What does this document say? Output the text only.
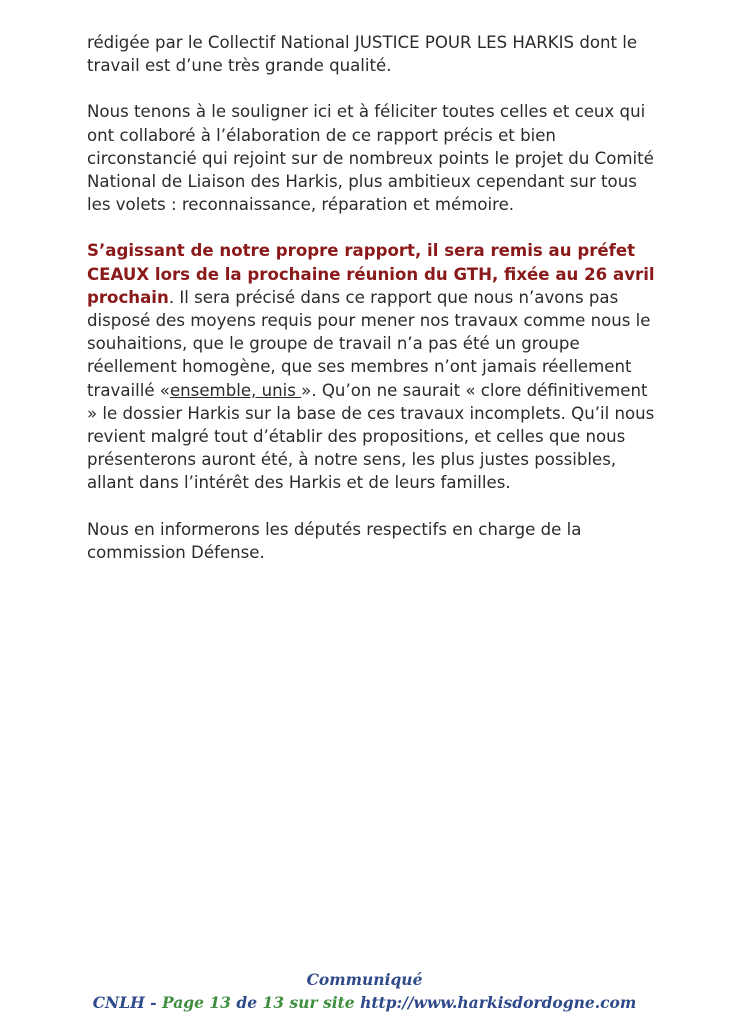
rédigée par le Collectif National JUSTICE POUR LES HARKIS dont le travail est d’une très grande qualité.

Nous tenons à le souligner ici et à féliciter toutes celles et ceux qui ont collaboré à l’élaboration de ce rapport précis et bien circonstancié qui rejoint sur de nombreux points le projet du Comité National de Liaison des Harkis, plus ambitieux cependant sur tous les volets : reconnaissance, réparation et mémoire.

S’agissant de notre propre rapport, il sera remis au préfet CEAUX lors de la prochaine réunion du GTH, fixée au 26 avril prochain. Il sera précisé dans ce rapport que nous n’avons pas disposé des moyens requis pour mener nos travaux comme nous le souhaitions, que le groupe de travail n’a pas été un groupe réellement homogène, que ses membres n’ont jamais réellement travaillé «ensemble, unis ». Qu’on ne saurait « clore définitivement » le dossier Harkis sur la base de ces travaux incomplets. Qu’il nous revient malgré tout d’établir des propositions, et celles que nous présenterons auront été, à notre sens, les plus justes possibles, allant dans l’intérêt des Harkis et de leurs familles.

Nous en informerons les députés respectifs en charge de la commission Défense.

Communiqué
CNLH - Page 13 de 13 sur site http://www.harkisdordogne.com
